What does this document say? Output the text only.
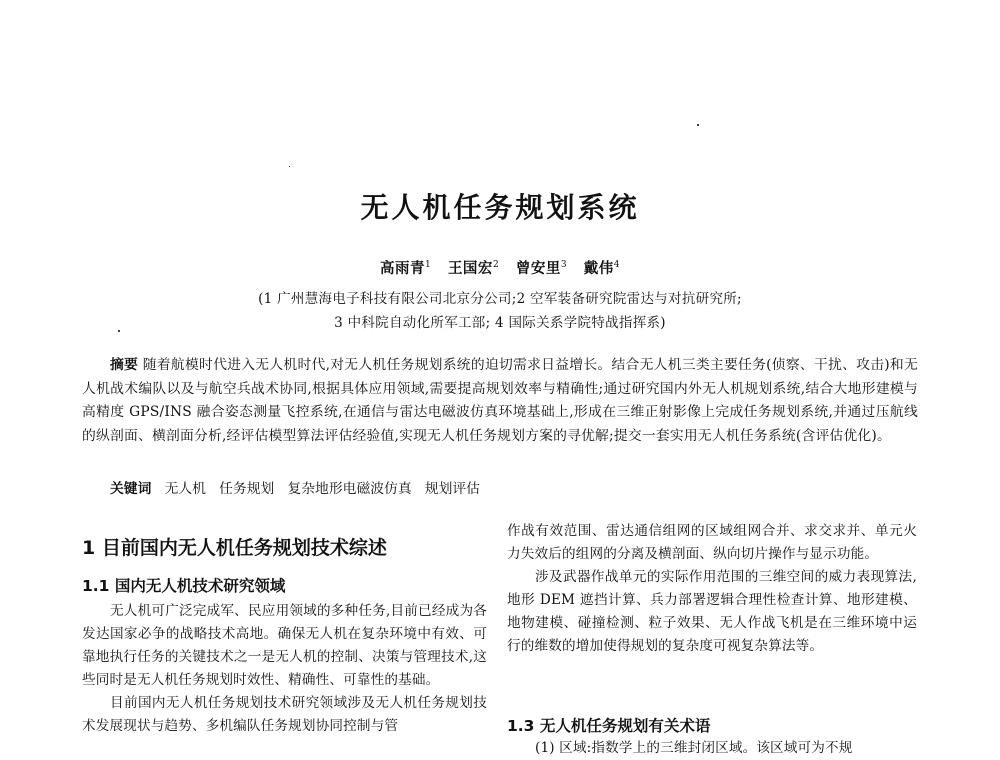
无人机任务规划系统
高雨青$^1$ 王国宏$^2$ 曾安里$^3$ 戴伟$^4$
(1 广州慧海电子科技有限公司北京分公司;2 空军装备研究院雷达与对抗研究所;
3 中科院自动化所军工部; 4 国际关系学院特战指挥系)
摘要 随着航模时代进入无人机时代,对无人机任务规划系统的迫切需求日益增长。结合无人机三类主要任务(侦察、干扰、攻击)和无人机战术编队以及与航空兵战术协同,根据具体应用领域,需要提高规划效率与精确性;通过研究国内外无人机规划系统,结合大地形建模与高精度 GPS/INS 融合姿态测量飞控系统,在通信与雷达电磁波仿真环境基础上,形成在三维正射影像上完成任务规划系统,并通过压航线的纵剖面、横剖面分析,经评估模型算法评估经验值,实现无人机任务规划方案的寻优解;提交一套实用无人机任务系统(含评估优化)。
关键词 无人机   任务规划   复杂地形电磁波仿真   规划评估
1 目前国内无人机任务规划技术综述
1.1 国内无人机技术研究领域

无人机可广泛完成军、民应用领域的多种任务,目前已经成为各发达国家必争的战略技术高地。确保无人机在复杂环境中有效、可靠地执行任务的关键技术之一是无人机的控制、决策与管理技术,这些同时是无人机任务规划时效性、精确性、可靠性的基础。

目前国内无人机任务规划技术研究领域涉及无人机任务规划技术发展现状与趋势、多机编队任务规划协同控制与管

作战有效范围、雷达通信组网的区域组网合并、求交求并、单元火力失效后的组网的分离及横剖面、纵向切片操作与显示功能。

涉及武器作战单元的实际作用范围的三维空间的威力表现算法,地形 DEM 遮挡计算、兵力部署逻辑合理性检查计算、地形建模、地物建模、碰撞检测、粒子效果、无人作战飞机是在三维环境中运行的维数的增加使得规划的复杂度可视复杂算法等。

1.3 无人机任务规划有关术语

(1) 区域:指数学上的三维封闭区域。该区域可为不规
